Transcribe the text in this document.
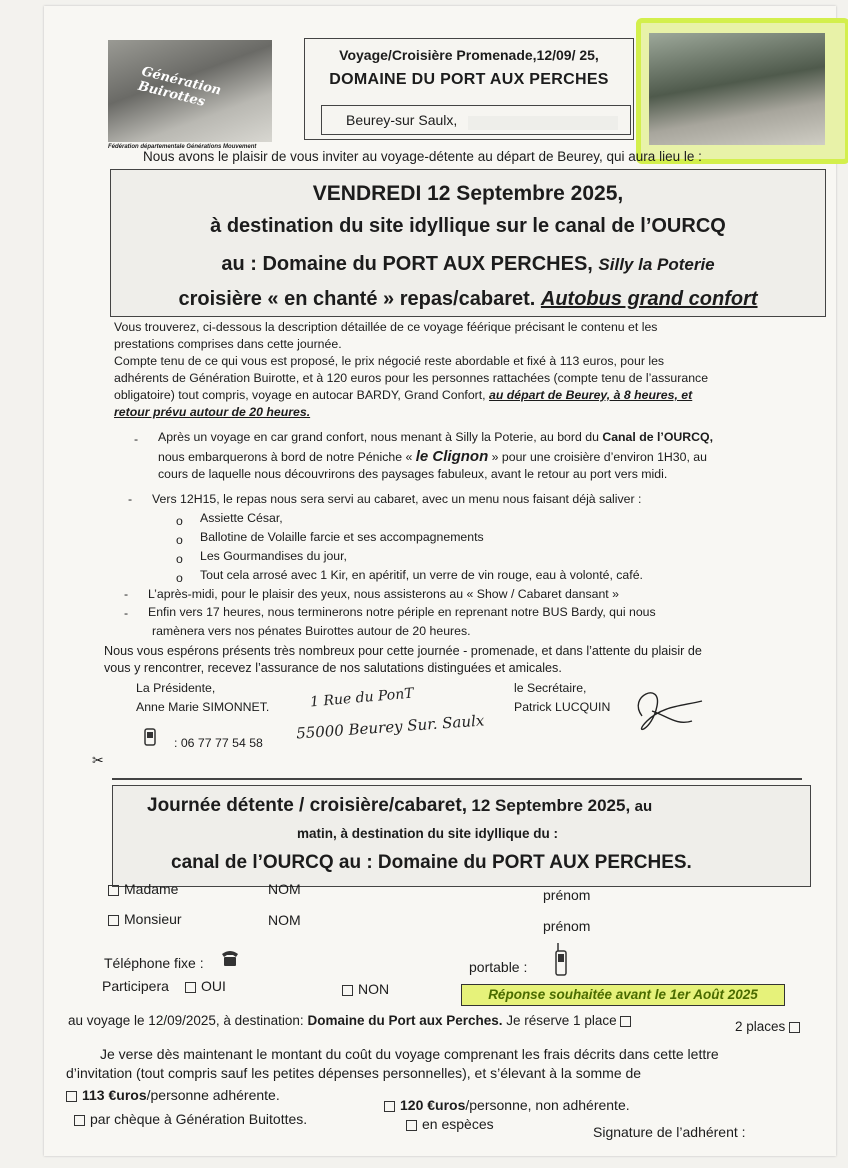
Génération Buirottes
Fédération départementale Générations Mouvement
Voyage/Croisière Promenade,12/09/ 25,
DOMAINE DU PORT AUX PERCHES
Beurey-sur Saulx,
Nous avons le plaisir de vous inviter au voyage-détente au départ de Beurey, qui aura lieu le :
VENDREDI 12 Septembre 2025,
à destination du site idyllique sur le canal de l’OURCQ
au : Domaine du PORT AUX PERCHES, Silly la Poterie
croisière « en chanté » repas/cabaret. Autobus grand confort
Vous trouverez, ci-dessous la description détaillée de ce voyage féérique précisant le contenu et les
prestations comprises dans cette journée.
Compte tenu de ce qui vous est proposé, le prix négocié reste abordable et fixé à 113 euros, pour les
adhérents de Génération Buirotte, et à 120 euros pour les personnes rattachées (compte tenu de l’assurance
obligatoire) tout compris, voyage en autocar BARDY, Grand Confort, au départ de Beurey, à 8 heures, et
retour prévu autour de 20 heures.
- Après un voyage en car grand confort, nous menant à Silly la Poterie, au bord du Canal de l’OURCQ,
nous embarquerons à bord de notre Péniche « le Clignon » pour une croisière d’environ 1H30, au
cours de laquelle nous découvrirons des paysages fabuleux, avant le retour au port vers midi.
- Vers 12H15, le repas nous sera servi au cabaret, avec un menu nous faisant déjà saliver :
o Assiette César,
o Ballotine de Volaille farcie et ses accompagnements
o Les Gourmandises du jour,
o Tout cela arrosé avec 1 Kir, en apéritif, un verre de vin rouge, eau à volonté, café.
- L’après-midi, pour le plaisir des yeux, nous assisterons au « Show / Cabaret dansant »
- Enfin vers 17 heures, nous terminerons notre périple en reprenant notre BUS Bardy, qui nous
ramènera vers nos pénates Buirottes autour de 20 heures.
Nous vous espérons présents très nombreux pour cette journée - promenade, et dans l’attente du plaisir de
vous y rencontrer, recevez l’assurance de nos salutations distinguées et amicales.
La Présidente,
Anne Marie SIMONNET.	1 Rue du PonT
55000 Beurey Sur. Saulx
le Secrétaire,
Patrick LUCQUIN
: 06 77 77 54 58
✂
Journée détente / croisière/cabaret, 12 Septembre 2025, au
matin, à destination du site idyllique du :
canal de l’OURCQ au : Domaine du PORT AUX PERCHES.
Madame	NOM	prénom
Monsieur	NOM	prénom
Téléphone fixe :	portable :
Participera	OUI	NON	Réponse souhaitée avant le 1er Août 2025
au voyage le 12/09/2025, à destination: Domaine du Port aux Perches. Je réserve 1 place	2 places
Je verse dès maintenant le montant du coût du voyage comprenant les frais décrits dans cette lettre
d’invitation (tout compris sauf les petites dépenses personnelles), et s’élevant à la somme de
113 €uros/personne adhérente.
120 €uros/personne, non adhérente.
par chèque à Génération Buitottes.	en espèces	Signature de l’adhérent :
